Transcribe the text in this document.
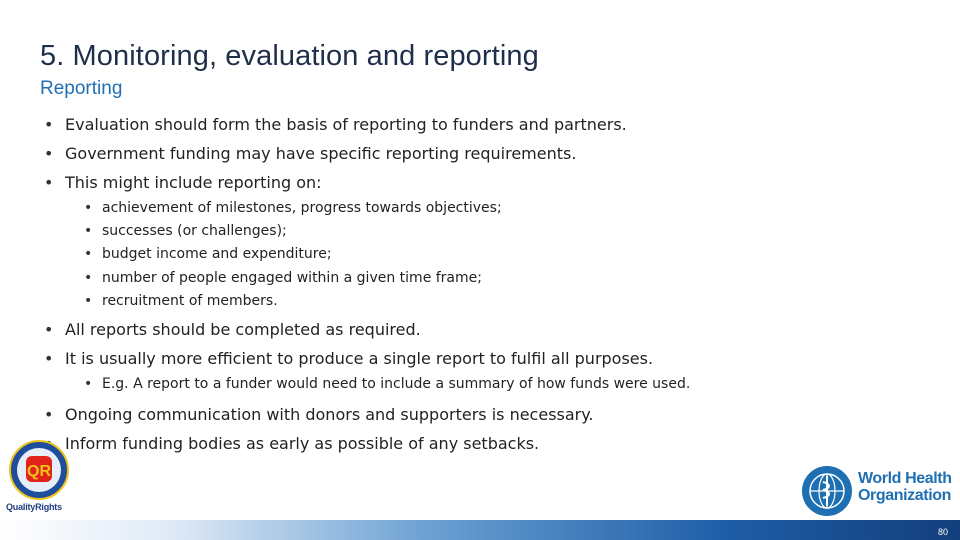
5. Monitoring, evaluation and reporting
Reporting
• Evaluation should form the basis of reporting to funders and partners.
• Government funding may have specific reporting requirements.
• This might include reporting on:
• achievement of milestones, progress towards objectives;
• successes (or challenges);
• budget income and expenditure;
• number of people engaged within a given time frame;
• recruitment of members.
• All reports should be completed as required.
• It is usually more efficient to produce a single report to fulfil all purposes.
• E.g. A report to a funder would need to include a summary of how funds were used.
• Ongoing communication with donors and supporters is necessary.
• Inform funding bodies as early as possible of any setbacks.
QR
QualityRights
World Health
Organization
80
